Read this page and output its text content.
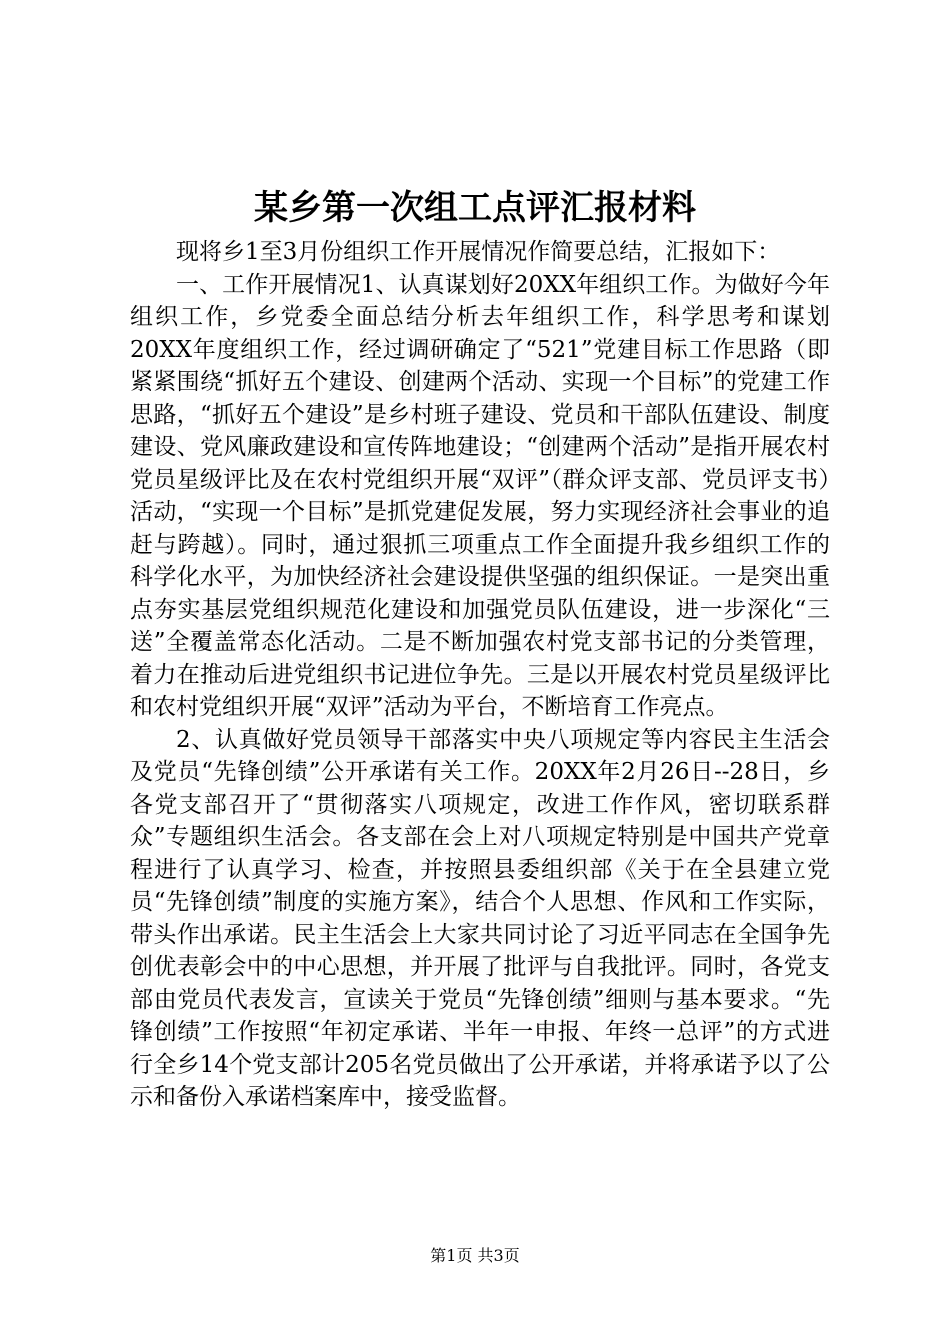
某乡第一次组工点评汇报材料

现将乡1至3月份组织工作开展情况作简要总结，汇报如下：

一、工作开展情况1、认真谋划好20XX年组织工作。为做好今年组织工作，乡党委全面总结分析去年组织工作，科学思考和谋划20XX年度组织工作，经过调研确定了“521”党建目标工作思路（即紧紧围绕“抓好五个建设、创建两个活动、实现一个目标”的党建工作思路，“抓好五个建设”是乡村班子建设、党员和干部队伍建设、制度建设、党风廉政建设和宣传阵地建设；“创建两个活动”是指开展农村党员星级评比及在农村党组织开展“双评”（群众评支部、党员评支书）活动，“实现一个目标”是抓党建促发展，努力实现经济社会事业的追赶与跨越）。同时，通过狠抓三项重点工作全面提升我乡组织工作的科学化水平，为加快经济社会建设提供坚强的组织保证。一是突出重点夯实基层党组织规范化建设和加强党员队伍建设，进一步深化“三送”全覆盖常态化活动。二是不断加强农村党支部书记的分类管理，着力在推动后进党组织书记进位争先。三是以开展农村党员星级评比和农村党组织开展“双评”活动为平台，不断培育工作亮点。

2、认真做好党员领导干部落实中央八项规定等内容民主生活会及党员“先锋创绩”公开承诺有关工作。20XX年2月26日--28日，乡各党支部召开了“贯彻落实八项规定，改进工作作风，密切联系群众”专题组织生活会。各支部在会上对八项规定特别是中国共产党章程进行了认真学习、检查，并按照县委组织部《关于在全县建立党员“先锋创绩”制度的实施方案》，结合个人思想、作风和工作实际，带头作出承诺。民主生活会上大家共同讨论了习近平同志在全国争先创优表彰会中的中心思想，并开展了批评与自我批评。同时，各党支部由党员代表发言，宣读关于党员“先锋创绩”细则与基本要求。“先锋创绩”工作按照“年初定承诺、半年一申报、年终一总评”的方式进行全乡14个党支部计205名党员做出了公开承诺，并将承诺予以了公示和备份入承诺档案库中，接受监督。

第1页 共3页
